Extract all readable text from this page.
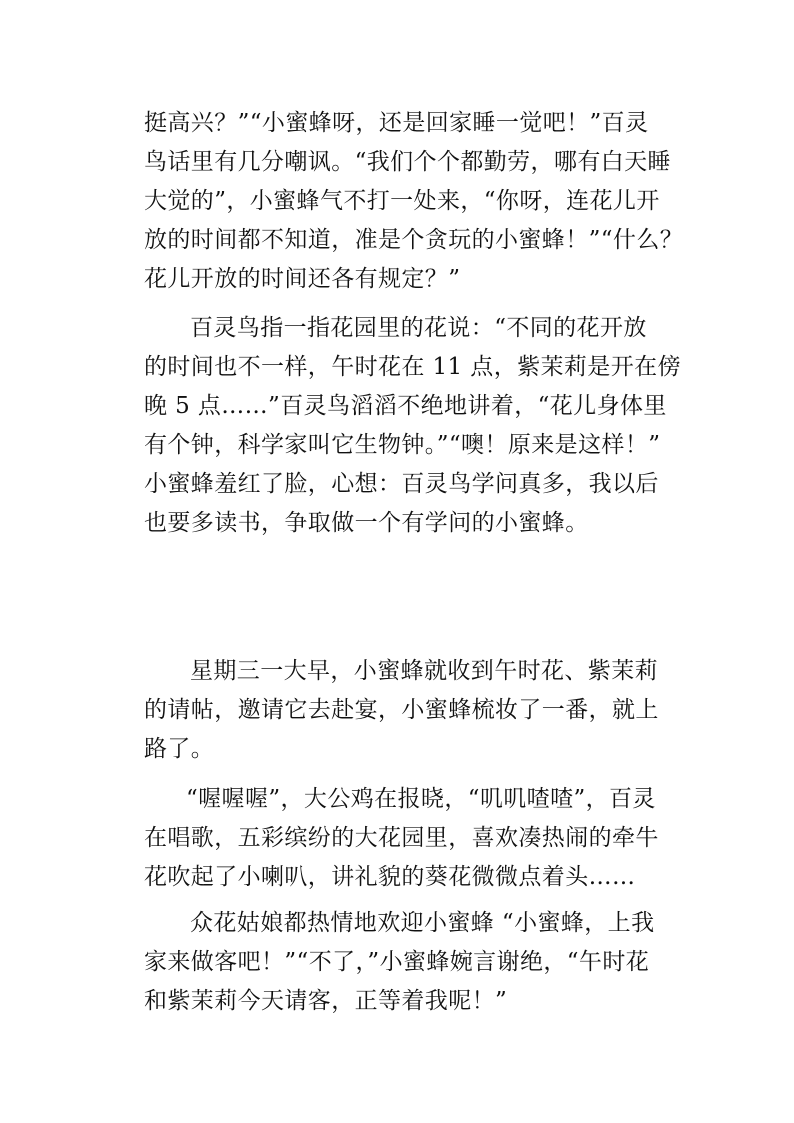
挺高兴？”“小蜜蜂呀，还是回家睡一觉吧！”百灵
鸟话里有几分嘲讽。“我们个个都勤劳，哪有白天睡
大觉的”，小蜜蜂气不打一处来，“你呀，连花儿开
放的时间都不知道，准是个贪玩的小蜜蜂！”“什么？
花儿开放的时间还各有规定？”
百灵鸟指一指花园里的花说：“不同的花开放
的时间也不一样，午时花在 11 点，紫茉莉是开在傍
晚 5 点……”百灵鸟滔滔不绝地讲着，“花儿身体里
有个钟，科学家叫它生物钟。”“噢！原来是这样！”
小蜜蜂羞红了脸，心想：百灵鸟学问真多，我以后
也要多读书，争取做一个有学问的小蜜蜂。
星期三一大早，小蜜蜂就收到午时花、紫茉莉
的请帖，邀请它去赴宴，小蜜蜂梳妆了一番，就上
路了。
“喔喔喔”，大公鸡在报晓，“叽叽喳喳”，百灵
在唱歌，五彩缤纷的大花园里，喜欢凑热闹的牵牛
花吹起了小喇叭，讲礼貌的葵花微微点着头……
众花姑娘都热情地欢迎小蜜蜂 “小蜜蜂，上我
家来做客吧！”“不了，”小蜜蜂婉言谢绝，“午时花
和紫茉莉今天请客，正等着我呢！”
